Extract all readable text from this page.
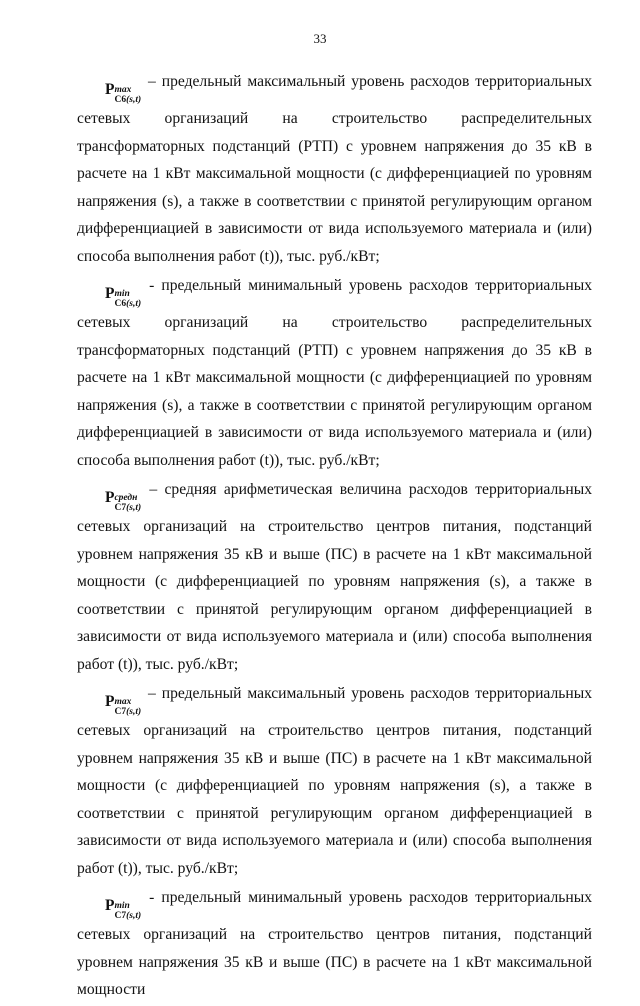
33

P max
С6(s,t)
– предельный максимальный уровень расходов территориальных сетевых организаций на строительство распределительных трансформаторных подстанций (РТП) с уровнем напряжения до 35 кВ в расчете на 1 кВт максимальной мощности (с дифференциацией по уровням напряжения (s), а также в соответствии с принятой регулирующим органом дифференциацией в зависимости от вида используемого материала и (или) способа выполнения работ (t)), тыс. руб./кВт;

P min
С6(s,t)
- предельный минимальный уровень расходов территориальных сетевых организаций на строительство распределительных трансформаторных подстанций (РТП) с уровнем напряжения до 35 кВ в расчете на 1 кВт максимальной мощности (с дифференциацией по уровням напряжения (s), а также в соответствии с принятой регулирующим органом дифференциацией в зависимости от вида используемого материала и (или) способа выполнения работ (t)), тыс. руб./кВт;

P средн
С7(s,t)
– средняя арифметическая величина расходов территориальных сетевых организаций на строительство центров питания, подстанций уровнем напряжения 35 кВ и выше (ПС) в расчете на 1 кВт максимальной мощности (с дифференциацией по уровням напряжения (s), а также в соответствии с принятой регулирующим органом дифференциацией в зависимости от вида используемого материала и (или) способа выполнения работ (t)), тыс. руб./кВт;

P max
С7(s,t)
– предельный максимальный уровень расходов территориальных сетевых организаций на строительство центров питания, подстанций уровнем напряжения 35 кВ и выше (ПС) в расчете на 1 кВт максимальной мощности (с дифференциацией по уровням напряжения (s), а также в соответствии с принятой регулирующим органом дифференциацией в зависимости от вида используемого материала и (или) способа выполнения работ (t)), тыс. руб./кВт;

P min
С7(s,t)
- предельный минимальный уровень расходов территориальных сетевых организаций на строительство центров питания, подстанций уровнем напряжения 35 кВ и выше (ПС) в расчете на 1 кВт максимальной мощности
